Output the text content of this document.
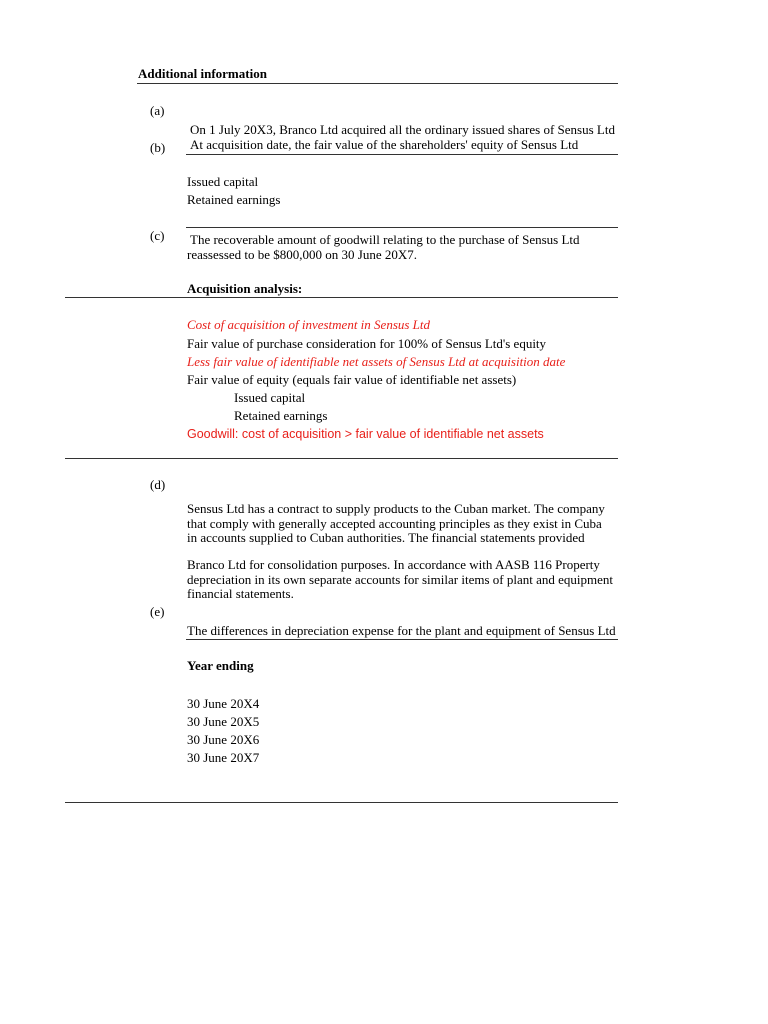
Additional information
(a)
On 1 July 20X3, Branco Ltd acquired all the ordinary issued shares of Sensus Ltd
(b) At acquisition date, the fair value of the shareholders' equity of Sensus Ltd
Issued capital
Retained earnings
(c) The recoverable amount of goodwill relating to the purchase of Sensus Ltd
reassessed to be $800,000 on 30 June 20X7.
Acquisition analysis:
Cost of acquisition of investment in Sensus Ltd
Fair value of purchase consideration for 100% of Sensus Ltd's equity
Less fair value of identifiable net assets of Sensus Ltd at acquisition date
Fair value of equity (equals fair value of identifiable net assets)
Issued capital
Retained earnings
Goodwill: cost of acquisition > fair value of identifiable net assets
(d)
Sensus Ltd has a contract to supply products to the Cuban market. The company
that comply with generally accepted accounting principles as they exist in Cuba
in accounts supplied to Cuban authorities. The financial statements provided
Branco Ltd for consolidation purposes. In accordance with AASB 116 Property
depreciation in its own separate accounts for similar items of plant and equipment
financial statements.
(e)
The differences in depreciation expense for the plant and equipment of Sensus Ltd
Year ending
30 June 20X4
30 June 20X5
30 June 20X6
30 June 20X7
